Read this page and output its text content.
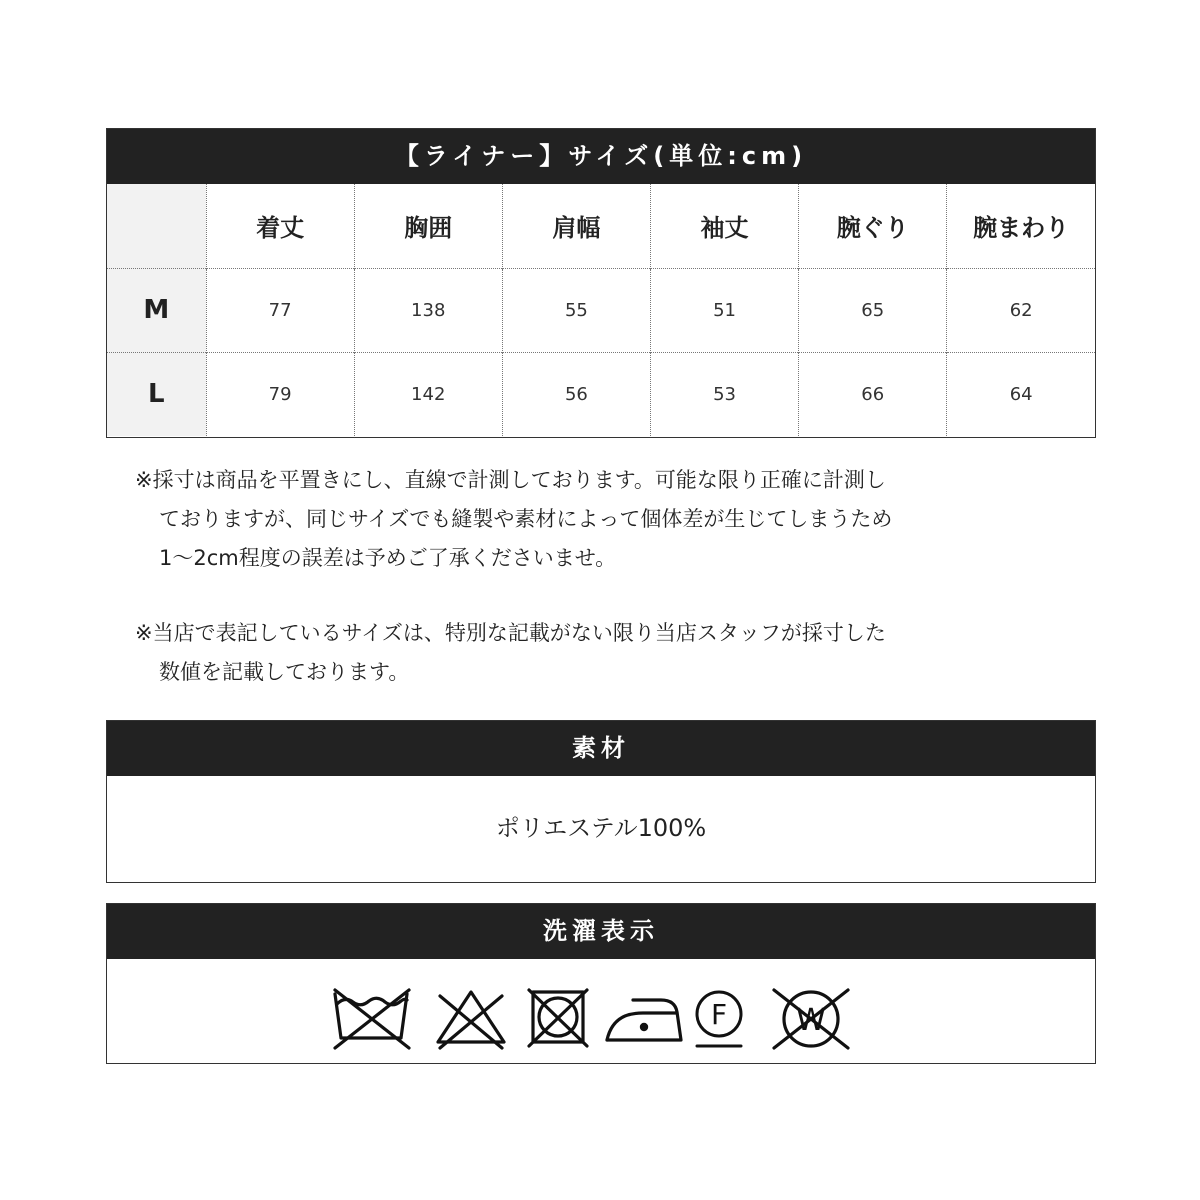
【ライナー】サイズ(単位:cm)
	着丈	胸囲	肩幅	袖丈	腕ぐり	腕まわり
M	77	138	55	51	65	62
L	79	142	56	53	66	64
※採寸は商品を平置きにし、直線で計測しております。可能な限り正確に計測し
ておりますが、同じサイズでも縫製や素材によって個体差が生じてしまうため
1〜2cm程度の誤差は予めご了承くださいませ。
※当店で表記しているサイズは、特別な記載がない限り当店スタッフが採寸した
数値を記載しております。
素材
ポリエステル100%
洗濯表示
F W
